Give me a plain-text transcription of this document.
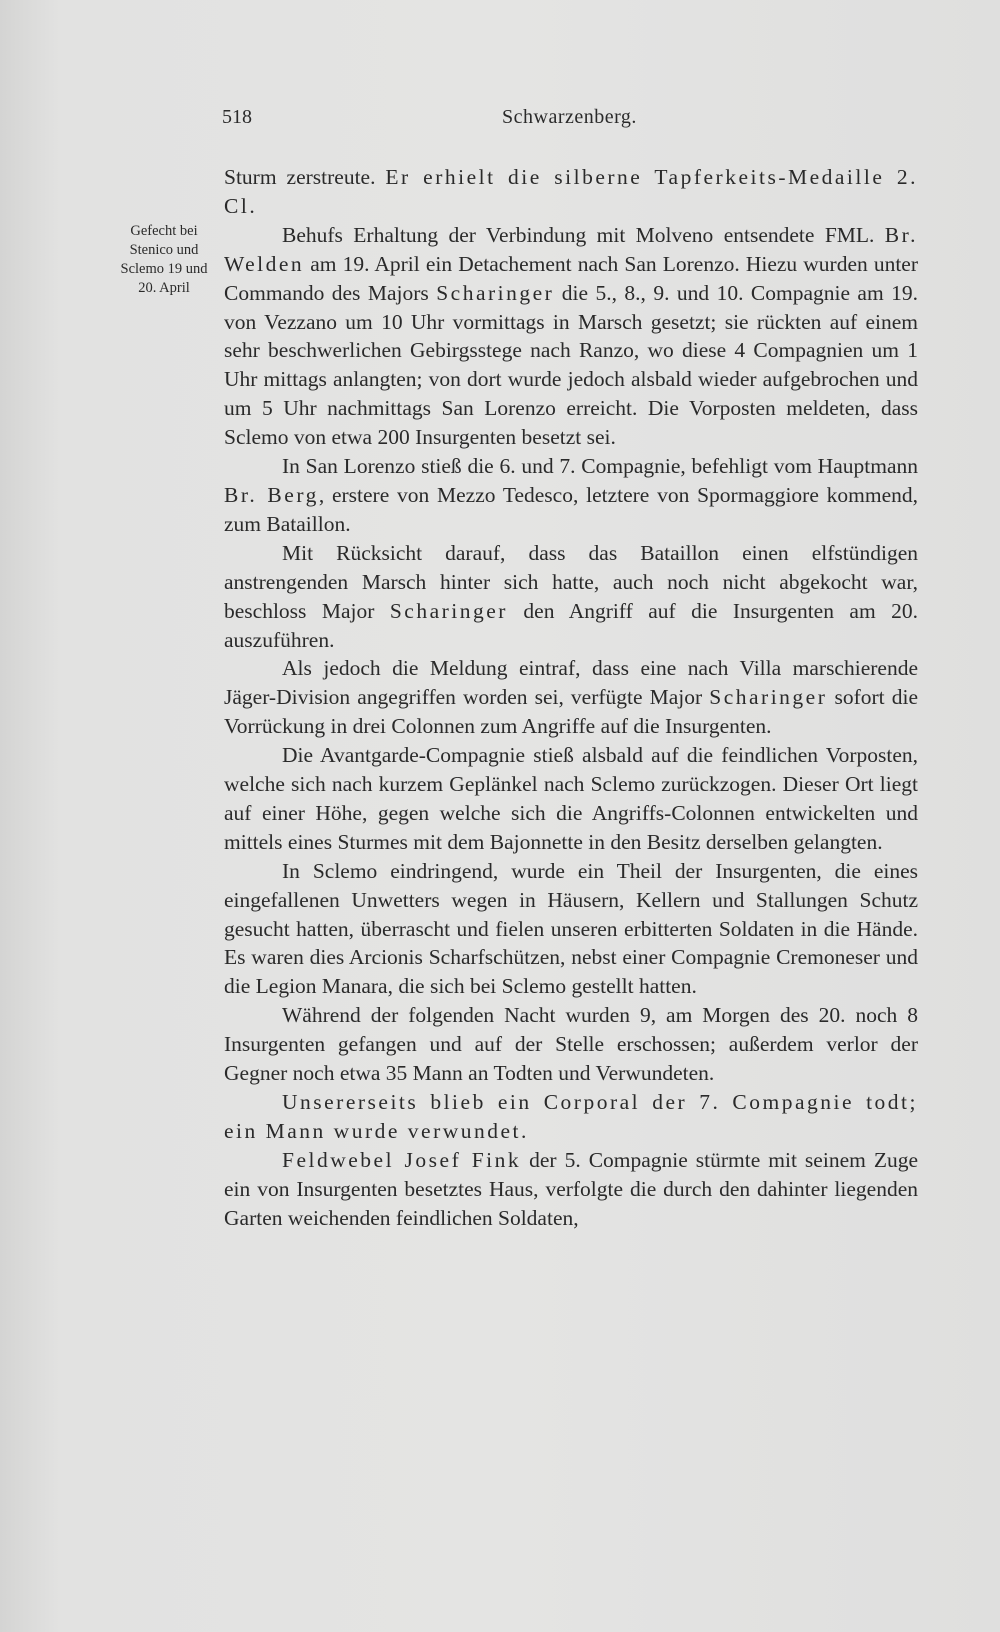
518	Schwarzenberg.
Gefecht bei
Stenico und
Sclemo 19 und
20. April

Sturm zerstreute. Er erhielt die silberne Tapferkeits-Medaille 2. Cl.

Behufs Erhaltung der Verbindung mit Molveno entsendete FML. Br. Welden am 19. April ein Detachement nach San Lorenzo. Hiezu wurden unter Commando des Majors Scharinger die 5., 8., 9. und 10. Compagnie am 19. von Vezzano um 10 Uhr vormittags in Marsch gesetzt; sie rückten auf einem sehr beschwerlichen Gebirgsstege nach Ranzo, wo diese 4 Compagnien um 1 Uhr mittags anlangten; von dort wurde jedoch alsbald wieder aufgebrochen und um 5 Uhr nachmittags San Lorenzo erreicht. Die Vorposten meldeten, dass Sclemo von etwa 200 Insurgenten besetzt sei.

In San Lorenzo stieß die 6. und 7. Compagnie, befehligt vom Hauptmann Br. Berg, erstere von Mezzo Tedesco, letztere von Spormaggiore kommend, zum Bataillon.

Mit Rücksicht darauf, dass das Bataillon einen elfstündigen anstrengenden Marsch hinter sich hatte, auch noch nicht abgekocht war, beschloss Major Scharinger den Angriff auf die Insurgenten am 20. auszuführen.

Als jedoch die Meldung eintraf, dass eine nach Villa marschierende Jäger-Division angegriffen worden sei, verfügte Major Scharinger sofort die Vorrückung in drei Colonnen zum Angriffe auf die Insurgenten.

Die Avantgarde-Compagnie stieß alsbald auf die feindlichen Vorposten, welche sich nach kurzem Geplänkel nach Sclemo zurückzogen. Dieser Ort liegt auf einer Höhe, gegen welche sich die Angriffs-Colonnen entwickelten und mittels eines Sturmes mit dem Bajonnette in den Besitz derselben gelangten.

In Sclemo eindringend, wurde ein Theil der Insurgenten, die eines eingefallenen Unwetters wegen in Häusern, Kellern und Stallungen Schutz gesucht hatten, überrascht und fielen unseren erbitterten Soldaten in die Hände. Es waren dies Arcionis Scharfschützen, nebst einer Compagnie Cremoneser und die Legion Manara, die sich bei Sclemo gestellt hatten.

Während der folgenden Nacht wurden 9, am Morgen des 20. noch 8 Insurgenten gefangen und auf der Stelle erschossen; außerdem verlor der Gegner noch etwa 35 Mann an Todten und Verwundeten.

Unsererseits blieb ein Corporal der 7. Compagnie todt; ein Mann wurde verwundet.

Feldwebel Josef Fink der 5. Compagnie stürmte mit seinem Zuge ein von Insurgenten besetztes Haus, verfolgte die durch den dahinter liegenden Garten weichenden feindlichen Soldaten,
